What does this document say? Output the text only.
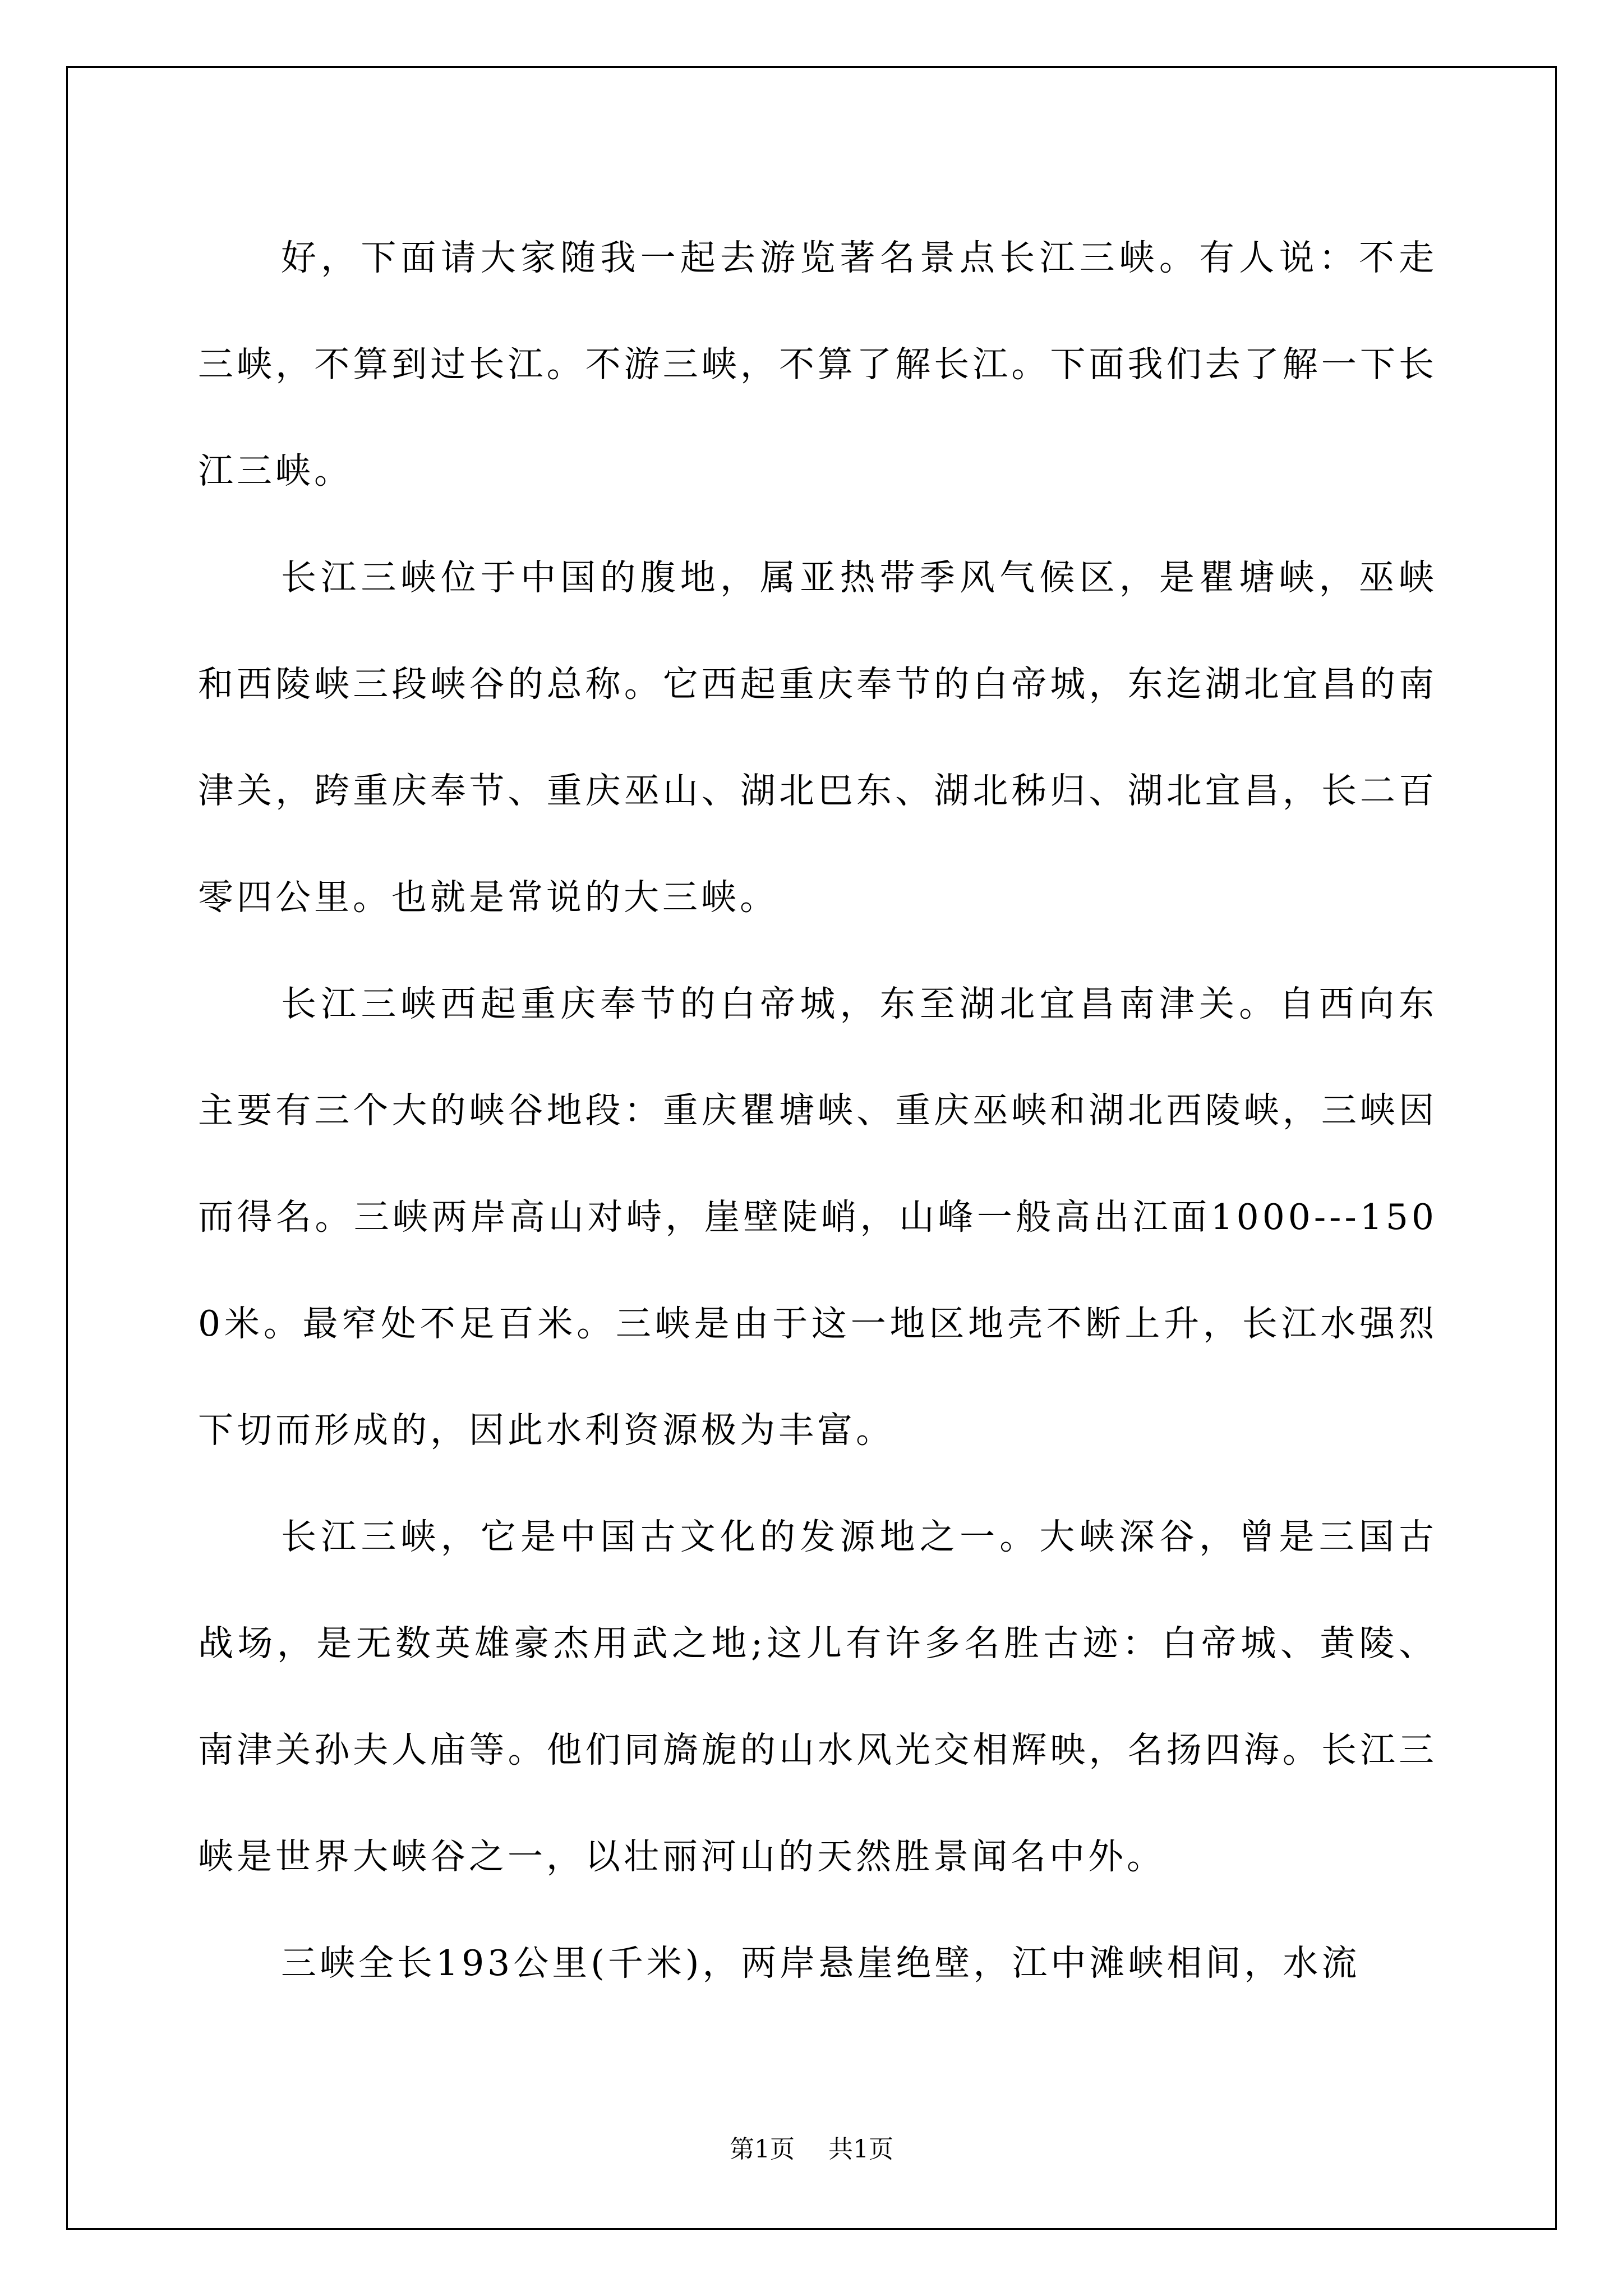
好，下面请大家随我一起去游览著名景点长江三峡。有人说：不走三峡，不算到过长江。不游三峡，不算了解长江。下面我们去了解一下长江三峡。

长江三峡位于中国的腹地，属亚热带季风气候区，是瞿塘峡，巫峡和西陵峡三段峡谷的总称。它西起重庆奉节的白帝城，东迄湖北宜昌的南津关，跨重庆奉节、重庆巫山、湖北巴东、湖北秭归、湖北宜昌，长二百零四公里。也就是常说的大三峡。

长江三峡西起重庆奉节的白帝城，东至湖北宜昌南津关。自西向东主要有三个大的峡谷地段：重庆瞿塘峡、重庆巫峡和湖北西陵峡，三峡因而得名。三峡两岸高山对峙，崖壁陡峭，山峰一般高出江面1000---1500米。最窄处不足百米。三峡是由于这一地区地壳不断上升，长江水强烈下切而形成的，因此水利资源极为丰富。

长江三峡，它是中国古文化的发源地之一。大峡深谷，曾是三国古战场，是无数英雄豪杰用武之地;这儿有许多名胜古迹：白帝城、黄陵、南津关孙夫人庙等。他们同旖旎的山水风光交相辉映，名扬四海。长江三峡是世界大峡谷之一，以壮丽河山的天然胜景闻名中外。

三峡全长193公里(千米)，两岸悬崖绝壁，江中滩峡相间，水流

第1页 共1页
